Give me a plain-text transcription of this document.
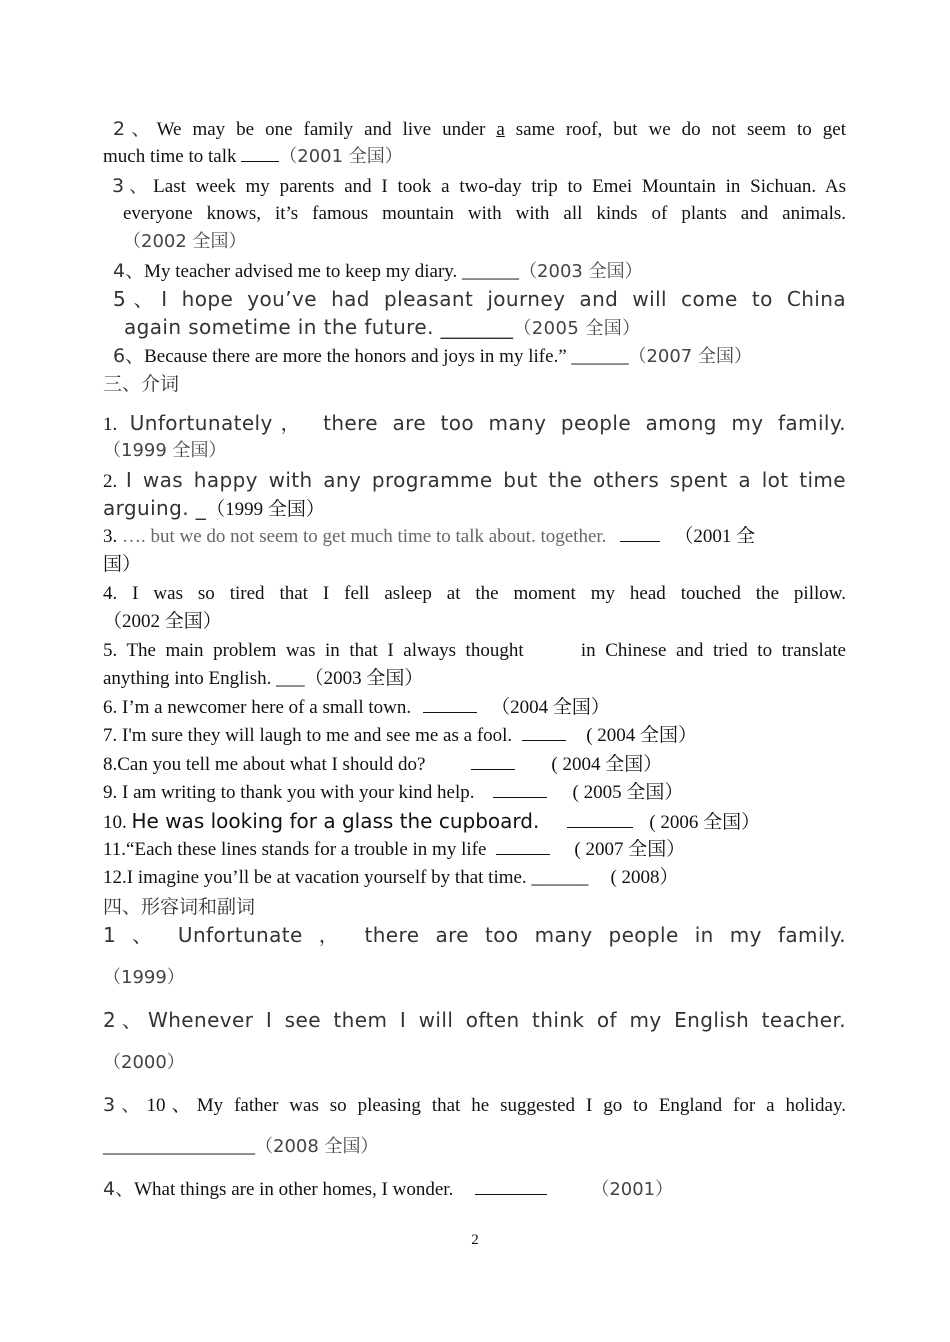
2、We may be one family and live under a same roof, but we do not seem to get
much time to talk （2001 全国）
3、Last week my parents and I took a two-day trip to Emei Mountain in Sichuan. As
everyone knows, it’s famous mountain with with all kinds of plants and animals.
（2002 全国）
4、My teacher advised me to keep my diary. ______（2003 全国）
5、I hope you’ve had pleasant journey and will come to China
again sometime in the future. _______（2005 全国）
6、Because there are more the honors and joys in my life.” ______（2007 全国）
三、介词
1. Unfortunately， there are too many people among my family.
（1999 全国）
2. I was happy with any programme but the others spent a lot time
arguing. _（1999 全国）
3. …. but we do not seem to get much time to talk about. together.	（2001 全
国）
4. I was so tired that I fell asleep at the moment my head touched the pillow.
（2002 全国）
5. The main problem was in that I always thought      in Chinese and tried to translate
anything into English. ___（2003 全国）
6. I’m a newcomer here of a small town.	（2004 全国）
7. I'm sure they will laugh to me and see me as a fool.	( 2004 全国）
8.Can you tell me about what I should do?	( 2004 全国）
9. I am writing to thank you with your kind help.	( 2005 全国）
10. He was looking for a glass the cupboard.	( 2006 全国）
11.“Each these lines stands for a trouble in my life	( 2007 全国）
12.I imagine you’ll be at vacation yourself by that time. ______ ( 2008）
四、形容词和副词
1 、 Unfortunate ， there are too many people in my family.
（1999）
2、Whenever I see them I will often think of my English teacher.
（2000）
3、10、My father was so pleasing that he suggested I go to England for a holiday.
________________（2008 全国）
4、What things are in other homes, I wonder.	（2001）
2
